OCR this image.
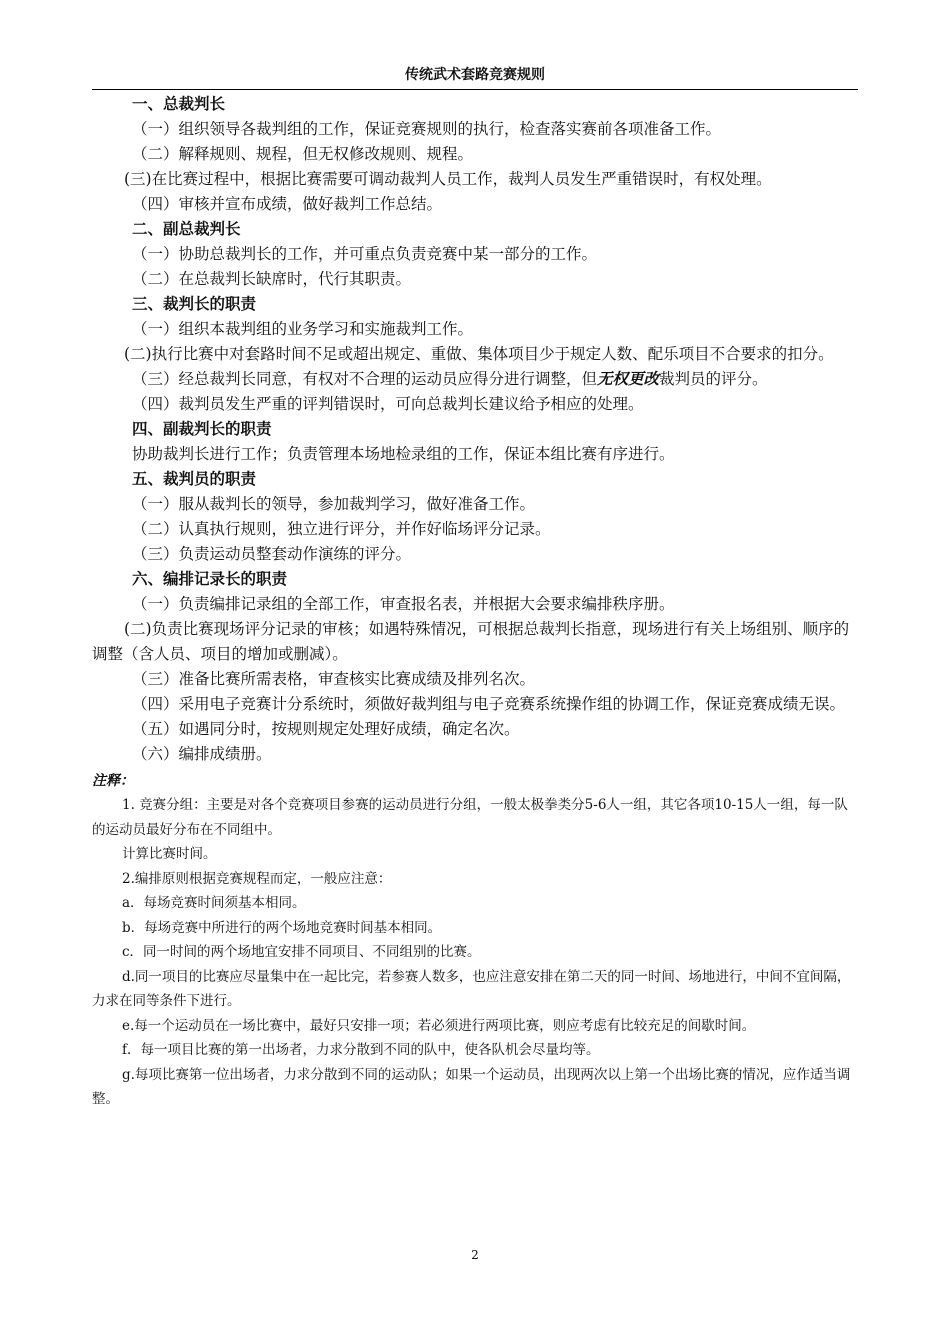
传统武术套路竞赛规则
一、总裁判长
（一）组织领导各裁判组的工作，保证竞赛规则的执行，检查落实赛前各项准备工作。
（二）解释规则、规程，但无权修改规则、规程。
(三)在比赛过程中，根据比赛需要可调动裁判人员工作，裁判人员发生严重错误时，有权处理。
（四）审核并宣布成绩，做好裁判工作总结。
二、副总裁判长
（一）协助总裁判长的工作，并可重点负责竞赛中某一部分的工作。
（二）在总裁判长缺席时，代行其职责。
三、裁判长的职责
（一）组织本裁判组的业务学习和实施裁判工作。
(二)执行比赛中对套路时间不足或超出规定、重做、集体项目少于规定人数、配乐项目不合要求的扣分。
（三）经总裁判长同意，有权对不合理的运动员应得分进行调整，但无权更改裁判员的评分。
（四）裁判员发生严重的评判错误时，可向总裁判长建议给予相应的处理。
四、副裁判长的职责
协助裁判长进行工作；负责管理本场地检录组的工作，保证本组比赛有序进行。
五、裁判员的职责
（一）服从裁判长的领导，参加裁判学习，做好准备工作。
（二）认真执行规则，独立进行评分，并作好临场评分记录。
（三）负责运动员整套动作演练的评分。
六、编排记录长的职责
（一）负责编排记录组的全部工作，审查报名表，并根据大会要求编排秩序册。
(二)负责比赛现场评分记录的审核；如遇特殊情况，可根据总裁判长指意，现场进行有关上场组别、顺序的调整（含人员、项目的增加或删减）。
（三）准备比赛所需表格，审查核实比赛成绩及排列名次。
（四）采用电子竞赛计分系统时，须做好裁判组与电子竞赛系统操作组的协调工作，保证竞赛成绩无误。
（五）如遇同分时，按规则规定处理好成绩，确定名次。
（六）编排成绩册。
注释：
1. 竞赛分组：主要是对各个竞赛项目参赛的运动员进行分组，一般太极拳类分5-6人一组，其它各项10-15人一组，每一队的运动员最好分布在不同组中。
计算比赛时间。
2.编排原则根据竞赛规程而定，一般应注意：
a．每场竞赛时间须基本相同。
b．每场竞赛中所进行的两个场地竞赛时间基本相同。
c．同一时间的两个场地宜安排不同项目、不同组别的比赛。
d.同一项目的比赛应尽量集中在一起比完，若参赛人数多，也应注意安排在第二天的同一时间、场地进行，中间不宜间隔，力求在同等条件下进行。
e.每一个运动员在一场比赛中，最好只安排一项；若必须进行两项比赛，则应考虑有比较充足的间歇时间。
f．每一项目比赛的第一出场者，力求分散到不同的队中，使各队机会尽量均等。
g.每项比赛第一位出场者，力求分散到不同的运动队；如果一个运动员，出现两次以上第一个出场比赛的情况，应作适当调整。
2
